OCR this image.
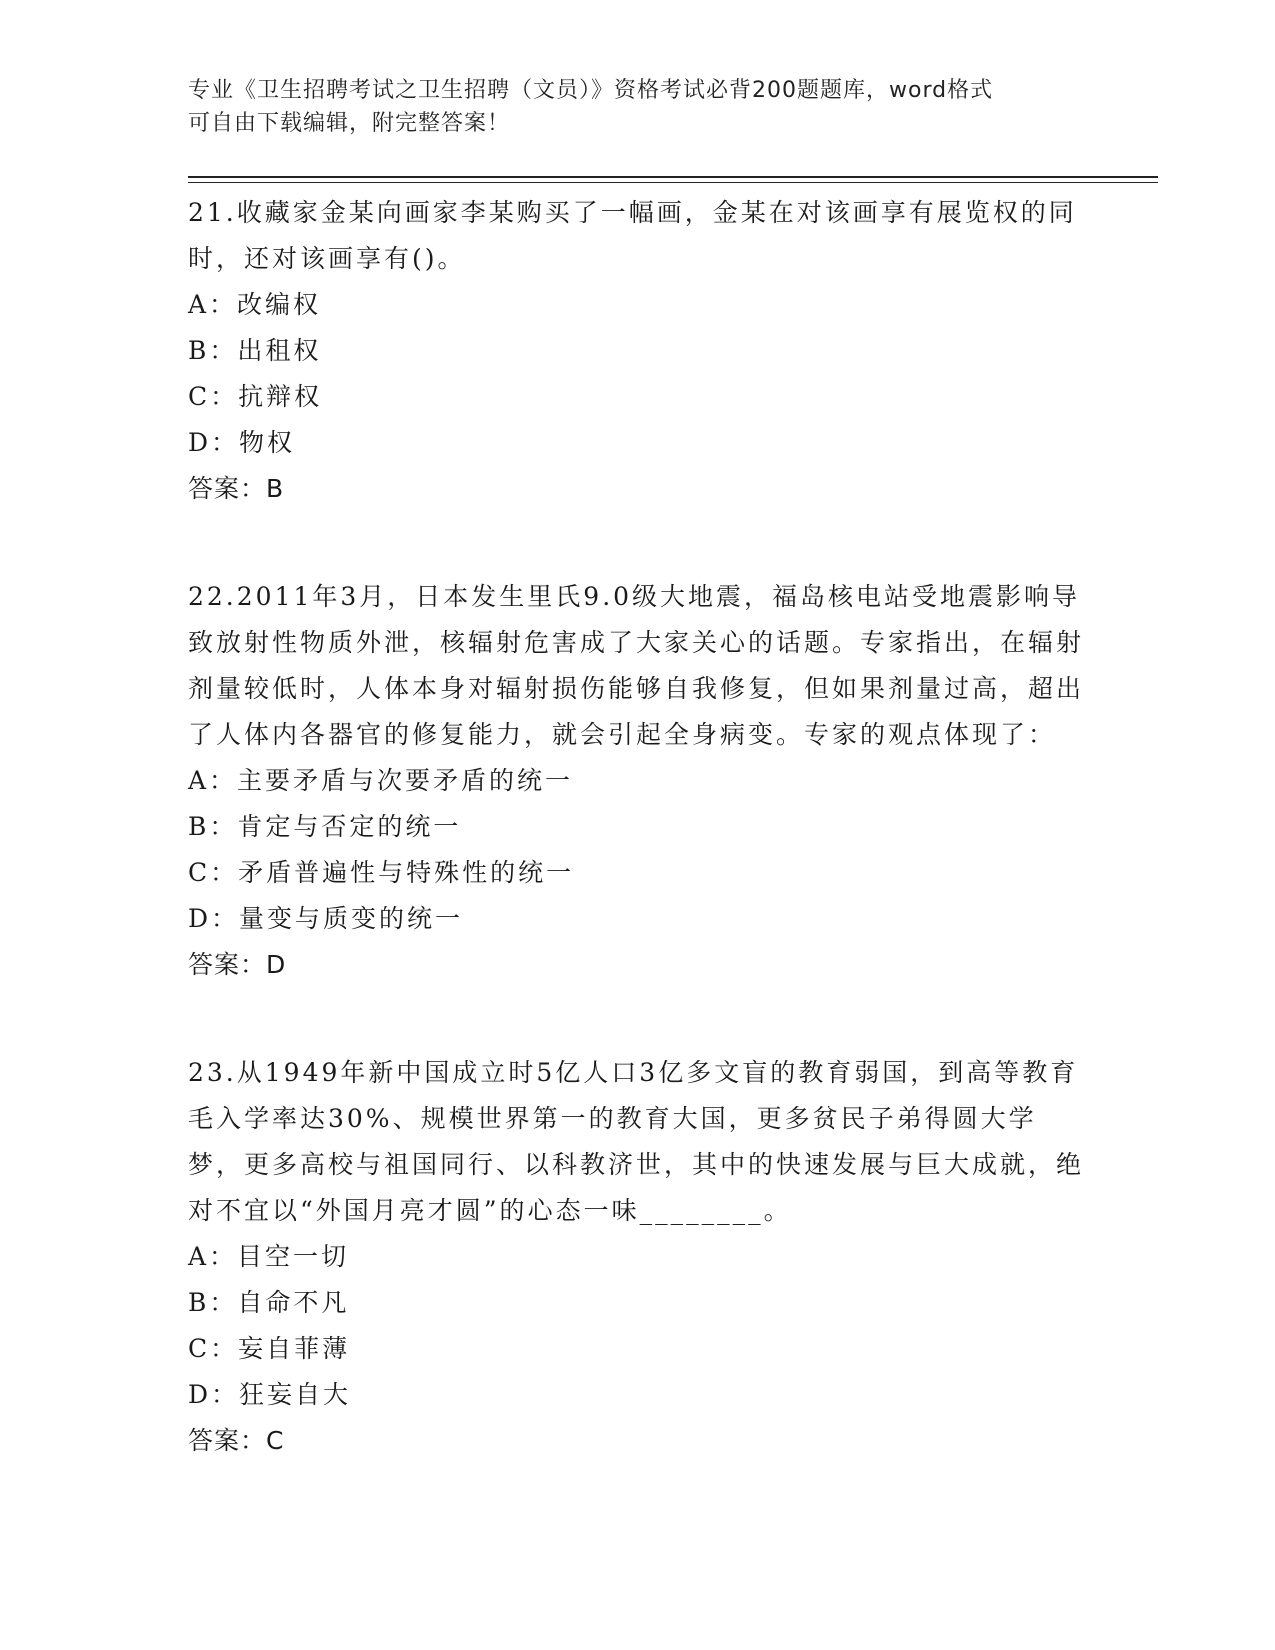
专业《卫生招聘考试之卫生招聘（文员）》资格考试必背200题题库，word格式
可自由下载编辑，附完整答案！

21.收藏家金某向画家李某购买了一幅画，金某在对该画享有展览权的同时，还对该画享有()。

A：改编权

B：出租权

C：抗辩权

D：物权

答案：B

22.2011年3月，日本发生里氏9.0级大地震，福岛核电站受地震影响导致放射性物质外泄，核辐射危害成了大家关心的话题。专家指出，在辐射剂量较低时，人体本身对辐射损伤能够自我修复，但如果剂量过高，超出了人体内各器官的修复能力，就会引起全身病变。专家的观点体现了：

A：主要矛盾与次要矛盾的统一

B：肯定与否定的统一

C：矛盾普遍性与特殊性的统一

D：量变与质变的统一

答案：D

23.从1949年新中国成立时5亿人口3亿多文盲的教育弱国，到高等教育毛入学率达30%、规模世界第一的教育大国，更多贫民子弟得圆大学梦，更多高校与祖国同行、以科教济世，其中的快速发展与巨大成就，绝对不宜以“外国月亮才圆”的心态一味________。

A：目空一切

B：自命不凡

C：妄自菲薄

D：狂妄自大

答案：C
